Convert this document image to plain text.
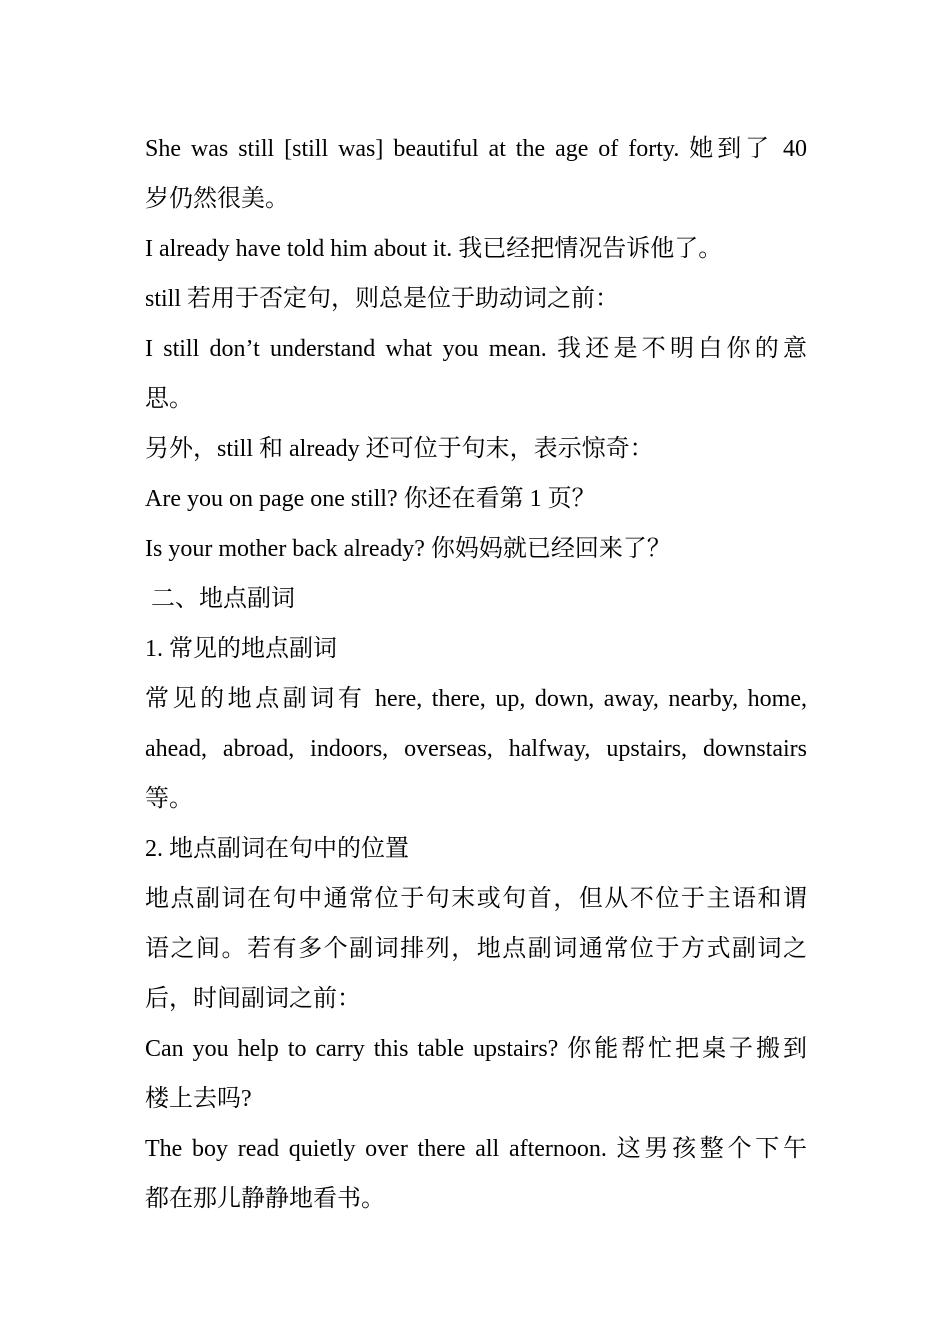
She was still [still was] beautiful at the age of forty. 她到了 40
岁仍然很美。
I already have told him about it. 我已经把情况告诉他了。
still 若用于否定句，则总是位于助动词之前：
I still don’t understand what you mean. 我还是不明白你的意
思。
另外，still 和 already 还可位于句末，表示惊奇：
Are you on page one still? 你还在看第 1 页？
Is your mother back already? 你妈妈就已经回来了？
二、地点副词
1. 常见的地点副词
常见的地点副词有 here, there, up, down, away, nearby, home,
ahead, abroad, indoors, overseas, halfway, upstairs, downstairs
等。
2. 地点副词在句中的位置
地点副词在句中通常位于句末或句首，但从不位于主语和谓
语之间。若有多个副词排列，地点副词通常位于方式副词之
后，时间副词之前：
Can you help to carry this table upstairs? 你能帮忙把桌子搬到
楼上去吗?
The boy read quietly over there all afternoon. 这男孩整个下午
都在那儿静静地看书。
